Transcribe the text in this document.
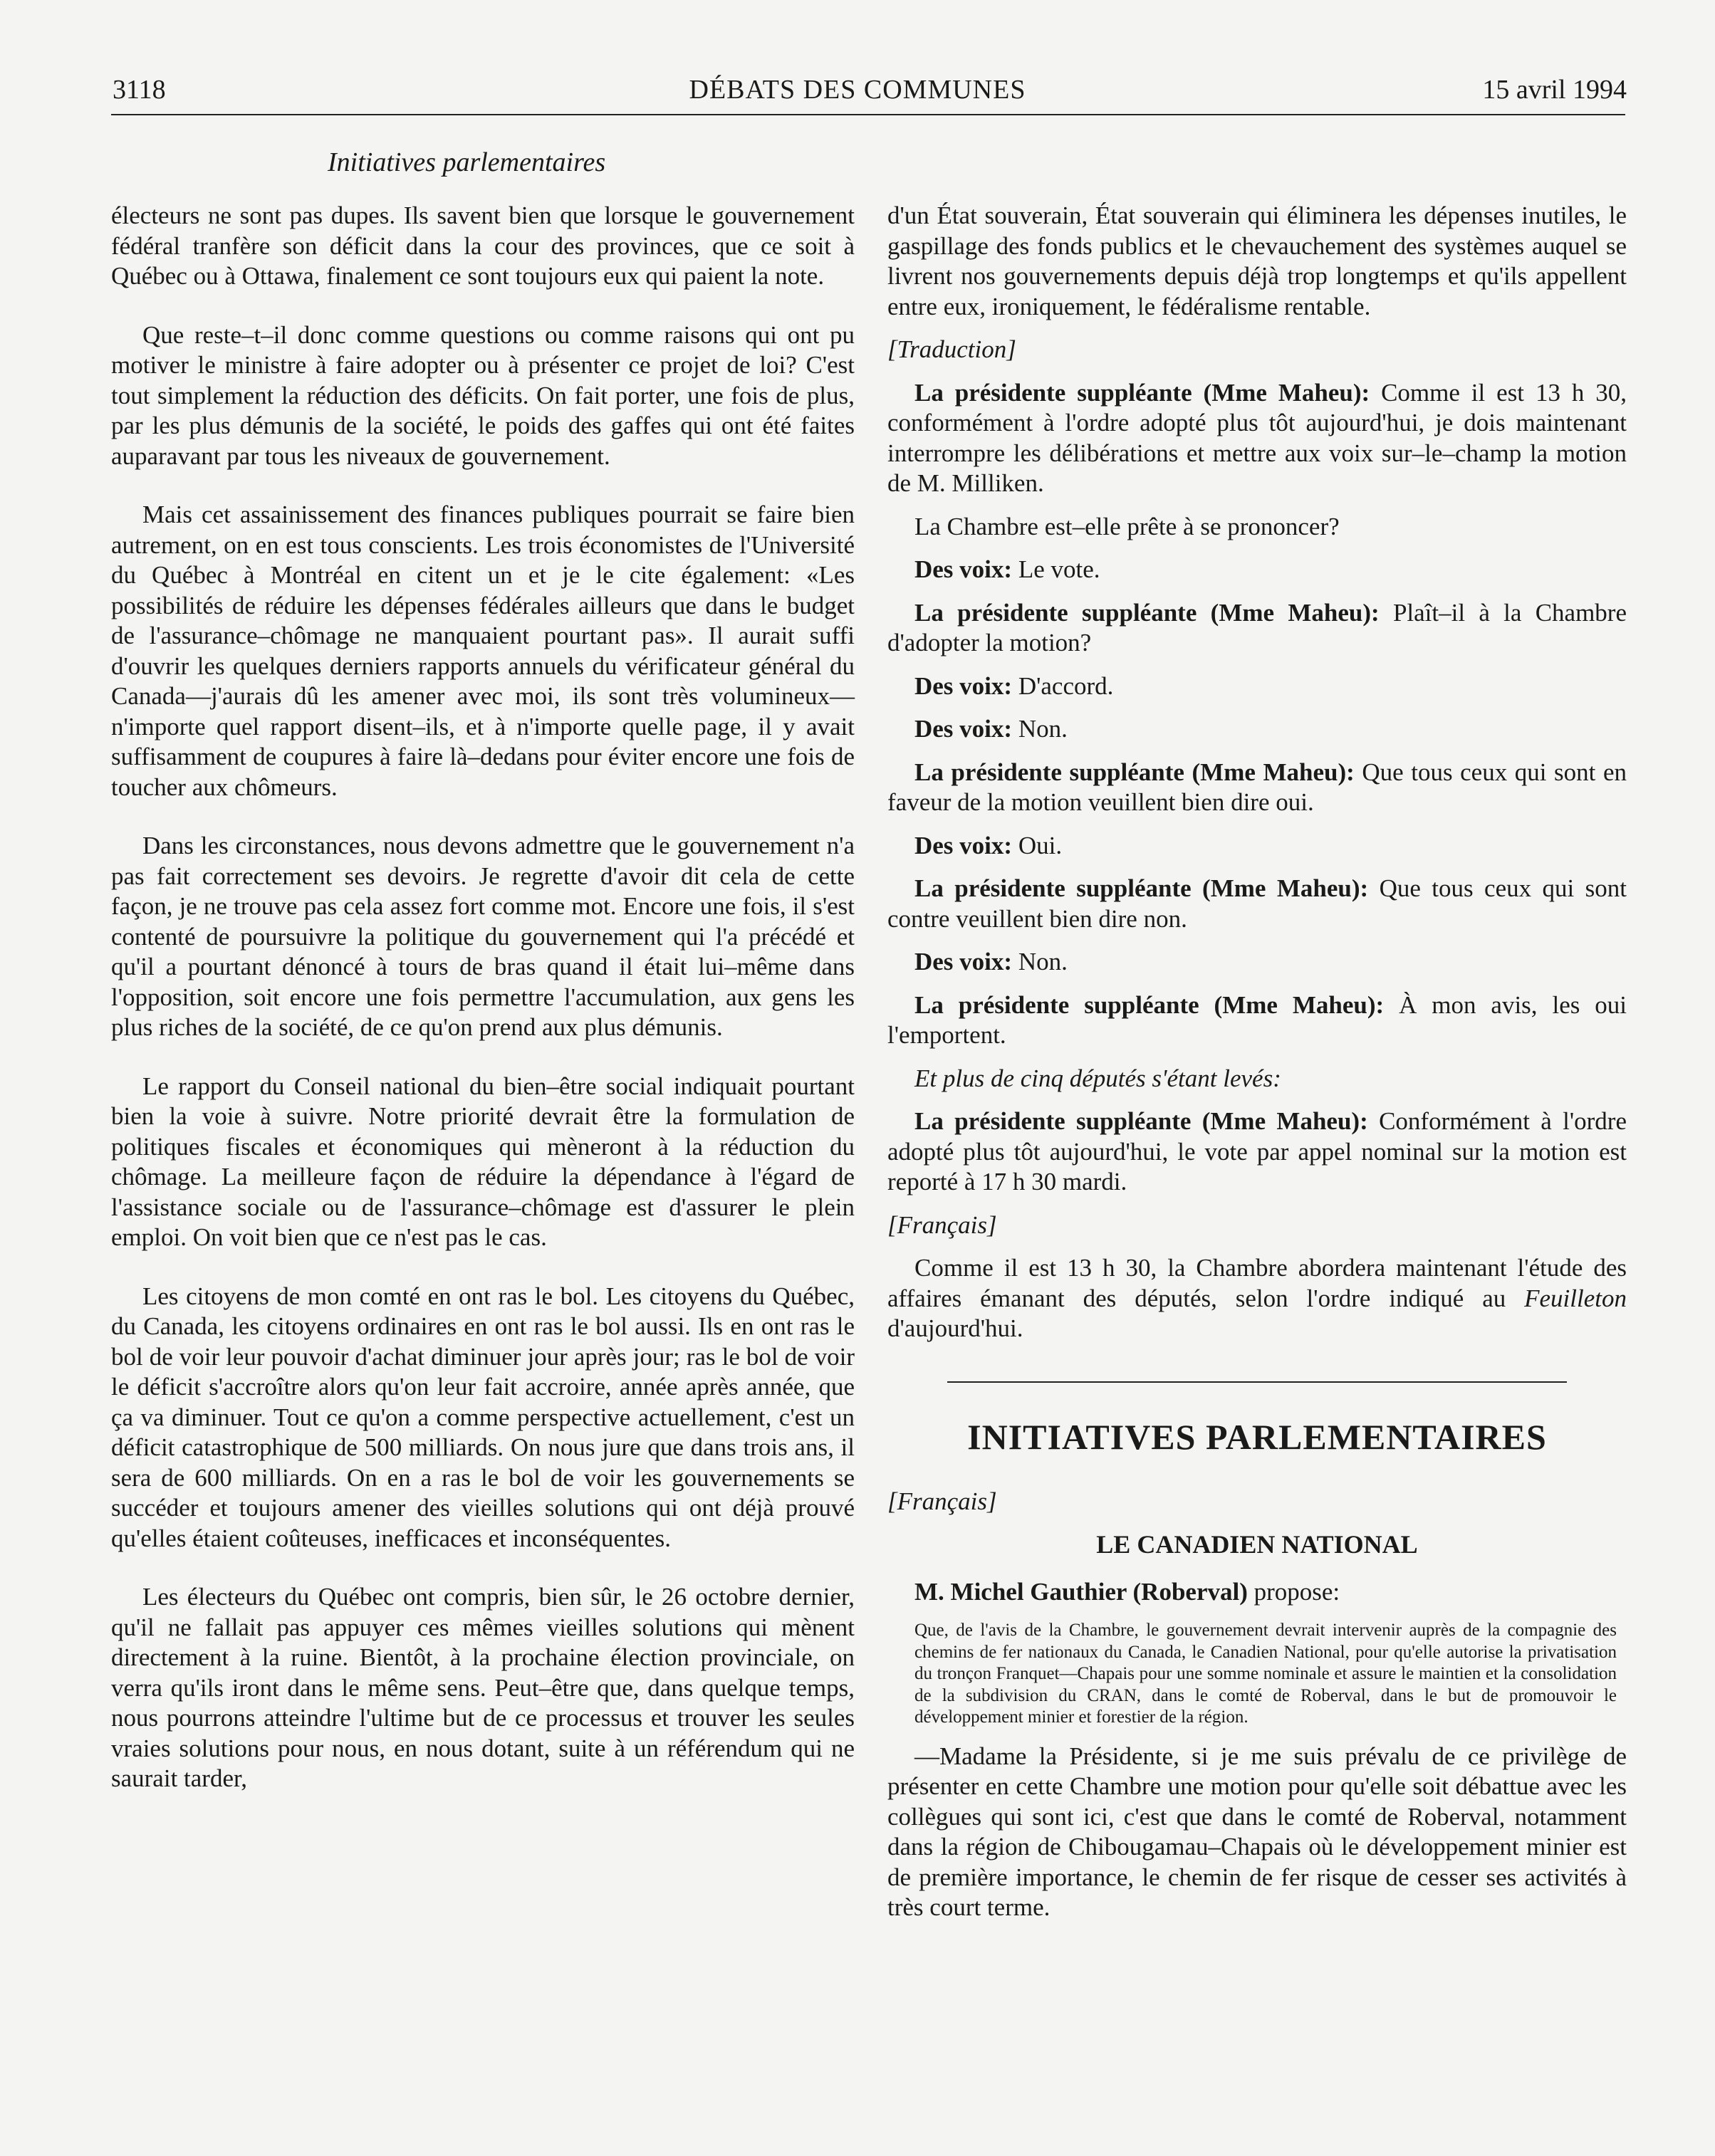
3118	DÉBATS DES COMMUNES	15 avril 1994
Initiatives parlementaires

électeurs ne sont pas dupes. Ils savent bien que lorsque le gouvernement fédéral tranfère son déficit dans la cour des provinces, que ce soit à Québec ou à Ottawa, finalement ce sont toujours eux qui paient la note.

Que reste–t–il donc comme questions ou comme raisons qui ont pu motiver le ministre à faire adopter ou à présenter ce projet de loi? C'est tout simplement la réduction des déficits. On fait porter, une fois de plus, par les plus démunis de la société, le poids des gaffes qui ont été faites auparavant par tous les niveaux de gouvernement.

Mais cet assainissement des finances publiques pourrait se faire bien autrement, on en est tous conscients. Les trois économistes de l'Université du Québec à Montréal en citent un et je le cite également: «Les possibilités de réduire les dépenses fédérales ailleurs que dans le budget de l'assurance–chômage ne manquaient pourtant pas». Il aurait suffi d'ouvrir les quelques derniers rapports annuels du vérificateur général du Canada—j'aurais dû les amener avec moi, ils sont très volumineux—n'importe quel rapport disent–ils, et à n'importe quelle page, il y avait suffisamment de coupures à faire là–dedans pour éviter encore une fois de toucher aux chômeurs.

Dans les circonstances, nous devons admettre que le gouvernement n'a pas fait correctement ses devoirs. Je regrette d'avoir dit cela de cette façon, je ne trouve pas cela assez fort comme mot. Encore une fois, il s'est contenté de poursuivre la politique du gouvernement qui l'a précédé et qu'il a pourtant dénoncé à tours de bras quand il était lui–même dans l'opposition, soit encore une fois permettre l'accumulation, aux gens les plus riches de la société, de ce qu'on prend aux plus démunis.

Le rapport du Conseil national du bien–être social indiquait pourtant bien la voie à suivre. Notre priorité devrait être la formulation de politiques fiscales et économiques qui mèneront à la réduction du chômage. La meilleure façon de réduire la dépendance à l'égard de l'assistance sociale ou de l'assurance–chômage est d'assurer le plein emploi. On voit bien que ce n'est pas le cas.

Les citoyens de mon comté en ont ras le bol. Les citoyens du Québec, du Canada, les citoyens ordinaires en ont ras le bol aussi. Ils en ont ras le bol de voir leur pouvoir d'achat diminuer jour après jour; ras le bol de voir le déficit s'accroître alors qu'on leur fait accroire, année après année, que ça va diminuer. Tout ce qu'on a comme perspective actuellement, c'est un déficit catastrophique de 500 milliards. On nous jure que dans trois ans, il sera de 600 milliards. On en a ras le bol de voir les gouvernements se succéder et toujours amener des vieilles solutions qui ont déjà prouvé qu'elles étaient coûteuses, inefficaces et inconséquentes.

Les électeurs du Québec ont compris, bien sûr, le 26 octobre dernier, qu'il ne fallait pas appuyer ces mêmes vieilles solutions qui mènent directement à la ruine. Bientôt, à la prochaine élection provinciale, on verra qu'ils iront dans le même sens. Peut–être que, dans quelque temps, nous pourrons atteindre l'ultime but de ce processus et trouver les seules vraies solutions pour nous, en nous dotant, suite à un référendum qui ne saurait tarder,

d'un État souverain, État souverain qui éliminera les dépenses inutiles, le gaspillage des fonds publics et le chevauchement des systèmes auquel se livrent nos gouvernements depuis déjà trop longtemps et qu'ils appellent entre eux, ironiquement, le fédéralisme rentable.

[Traduction]

La présidente suppléante (Mme Maheu): Comme il est 13 h 30, conformément à l'ordre adopté plus tôt aujourd'hui, je dois maintenant interrompre les délibérations et mettre aux voix sur–le–champ la motion de M. Milliken.

La Chambre est–elle prête à se prononcer?

Des voix: Le vote.

La présidente suppléante (Mme Maheu): Plaît–il à la Chambre d'adopter la motion?

Des voix: D'accord.

Des voix: Non.

La présidente suppléante (Mme Maheu): Que tous ceux qui sont en faveur de la motion veuillent bien dire oui.

Des voix: Oui.

La présidente suppléante (Mme Maheu): Que tous ceux qui sont contre veuillent bien dire non.

Des voix: Non.

La présidente suppléante (Mme Maheu): À mon avis, les oui l'emportent.

Et plus de cinq députés s'étant levés:

La présidente suppléante (Mme Maheu): Conformément à l'ordre adopté plus tôt aujourd'hui, le vote par appel nominal sur la motion est reporté à 17 h 30 mardi.

[Français]

Comme il est 13 h 30, la Chambre abordera maintenant l'étude des affaires émanant des députés, selon l'ordre indiqué au Feuilleton d'aujourd'hui.

INITIATIVES PARLEMENTAIRES

[Français]

LE CANADIEN NATIONAL

M. Michel Gauthier (Roberval) propose:

Que, de l'avis de la Chambre, le gouvernement devrait intervenir auprès de la compagnie des chemins de fer nationaux du Canada, le Canadien National, pour qu'elle autorise la privatisation du tronçon Franquet—Chapais pour une somme nominale et assure le maintien et la consolidation de la subdivision du CRAN, dans le comté de Roberval, dans le but de promouvoir le développement minier et forestier de la région.

—Madame la Présidente, si je me suis prévalu de ce privilège de présenter en cette Chambre une motion pour qu'elle soit débattue avec les collègues qui sont ici, c'est que dans le comté de Roberval, notamment dans la région de Chibougamau–Chapais où le développement minier est de première importance, le chemin de fer risque de cesser ses activités à très court terme.
